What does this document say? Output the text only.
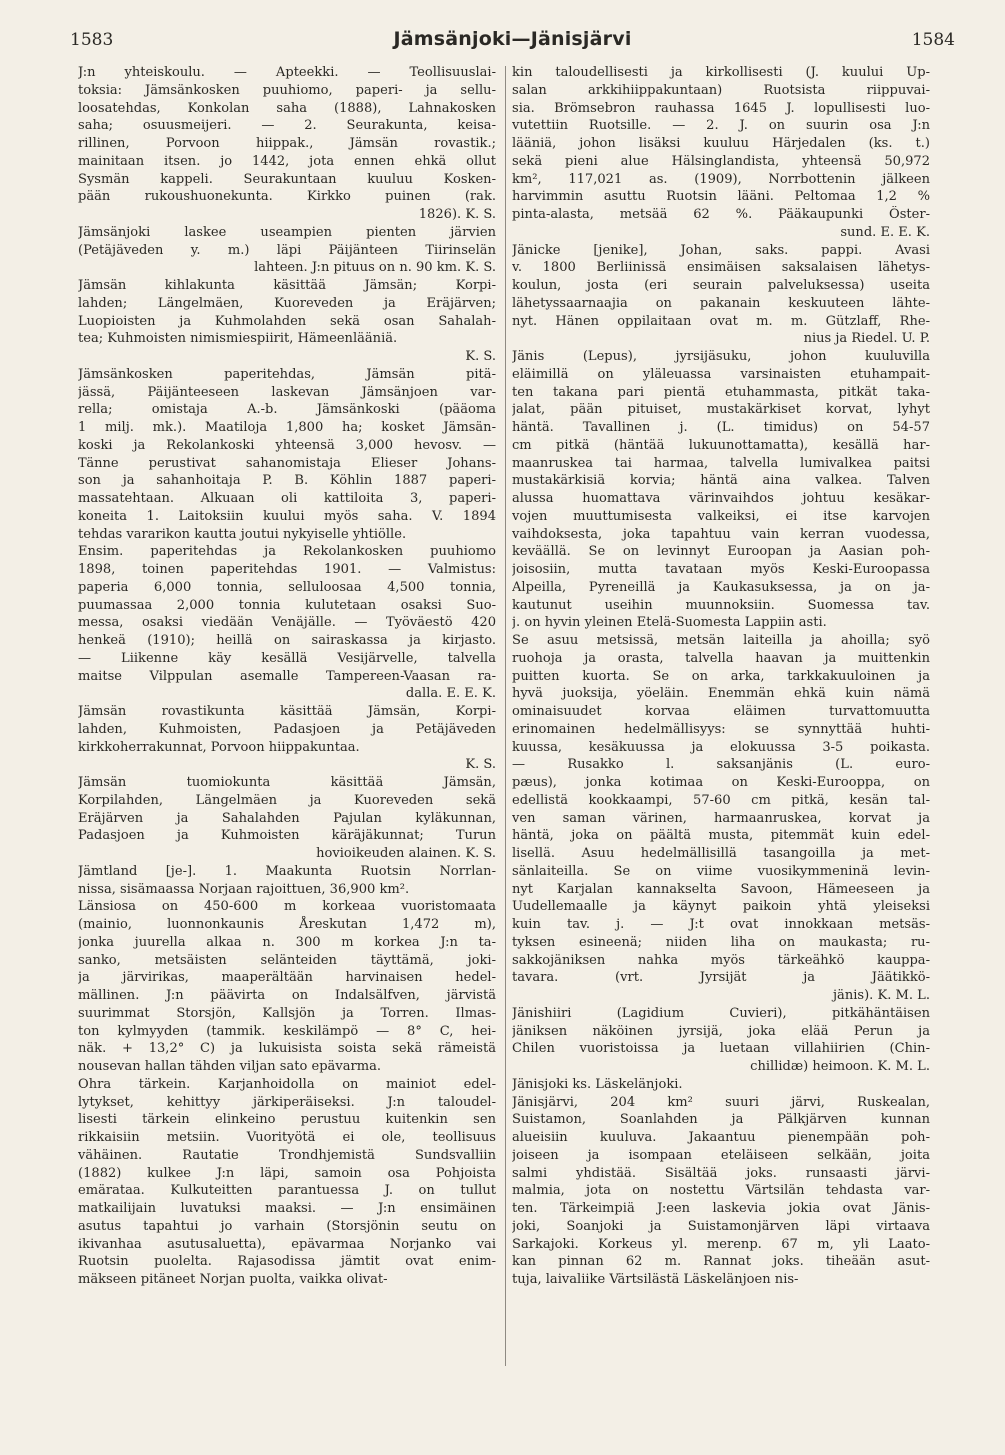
1583	Jämsänjoki—Jänisjärvi	1584
J:n yhteiskoulu. — Apteekki. — Teollisuuslai-
toksia: Jämsänkosken puuhiomo, paperi- ja sellu-
loosatehdas, Konkolan saha (1888), Lahnakosken
saha; osuusmeijeri. — 2. Seurakunta, keisa-
rillinen, Porvoon hiippak., Jämsän rovastik.;
mainitaan itsen. jo 1442, jota ennen ehkä ollut
Sysmän kappeli. Seurakuntaan kuuluu Kosken-
pään rukoushuonekunta. Kirkko puinen (rak.
1826). K. S.
Jämsänjoki laskee useampien pienten järvien
(Petäjäveden y. m.) läpi Päijänteen Tiirinselän
lahteen. J:n pituus on n. 90 km. K. S.
Jämsän kihlakunta käsittää Jämsän; Korpi-
lahden; Längelmäen, Kuoreveden ja Eräjärven;
Luopioisten ja Kuhmolahden sekä osan Sahalah-
tea; Kuhmoisten nimismiespiirit, Hämeenlääniä.
K. S.
Jämsänkosken paperitehdas, Jämsän pitä-
jässä, Päijänteeseen laskevan Jämsänjoen var-
rella; omistaja A.-b. Jämsänkoski (pääoma
1 milj. mk.). Maatiloja 1,800 ha; kosket Jämsän-
koski ja Rekolankoski yhteensä 3,000 hevosv. —
Tänne perustivat sahanomistaja Elieser Johans-
son ja sahanhoitaja P. B. Köhlin 1887 paperi-
massatehtaan. Alkuaan oli kattiloita 3, paperi-
koneita 1. Laitoksiin kuului myös saha. V. 1894
tehdas vararikon kautta joutui nykyiselle yhtiölle.
Ensim. paperitehdas ja Rekolankosken puuhiomo
1898, toinen paperitehdas 1901. — Valmistus:
paperia 6,000 tonnia, selluloosaa 4,500 tonnia,
puumassaa 2,000 tonnia kulutetaan osaksi Suo-
messa, osaksi viedään Venäjälle. — Työväestö 420
henkeä (1910); heillä on sairaskassa ja kirjasto.
— Liikenne käy kesällä Vesijärvelle, talvella
maitse Vilppulan asemalle Tampereen-Vaasan ra-
dalla. E. E. K.
Jämsän rovastikunta käsittää Jämsän, Korpi-
lahden, Kuhmoisten, Padasjoen ja Petäjäveden
kirkkoherrakunnat, Porvoon hiippakuntaa.
K. S.
Jämsän tuomiokunta käsittää Jämsän,
Korpilahden, Längelmäen ja Kuoreveden sekä
Eräjärven ja Sahalahden Pajulan kyläkunnan,
Padasjoen ja Kuhmoisten käräjäkunnat; Turun
hovioikeuden alainen. K. S.
Jämtland [je-]. 1. Maakunta Ruotsin Norrlan-
nissa, sisämaassa Norjaan rajoittuen, 36,900 km².
Länsiosa on 450-600 m korkeaa vuoristomaata
(mainio, luonnonkaunis Åreskutan 1,472 m),
jonka juurella alkaa n. 300 m korkea J:n ta-
sanko, metsäisten selänteiden täyttämä, joki-
ja järvirikas, maaperältään harvinaisen hedel-
mällinen. J:n päävirta on Indalsälfven, järvistä
suurimmat Storsjön, Kallsjön ja Torren. Ilmas-
ton kylmyyden (tammik. keskilämpö — 8° C, hei-
näk. + 13,2° C) ja lukuisista soista sekä rämeistä
nousevan hallan tähden viljan sato epävarma.
Ohra tärkein. Karjanhoidolla on mainiot edel-
lytykset, kehittyy järkiperäiseksi. J:n taloudel-
lisesti tärkein elinkeino perustuu kuitenkin sen
rikkaisiin metsiin. Vuorityötä ei ole, teollisuus
vähäinen. Rautatie Trondhjemistä Sundsvalliin
(1882) kulkee J:n läpi, samoin osa Pohjoista
emärataa. Kulkuteitten parantuessa J. on tullut
matkailijain luvatuksi maaksi. — J:n ensimäinen
asutus tapahtui jo varhain (Storsjönin seutu on
ikivanhaa asutusaluetta), epävarmaa Norjanko vai
Ruotsin puolelta. Rajasodissa jämtit ovat enim-
mäkseen pitäneet Norjan puolta, vaikka olivat-
kin taloudellisesti ja kirkollisesti (J. kuului Up-
salan arkkihiippakuntaan) Ruotsista riippuvai-
sia. Brömsebron rauhassa 1645 J. lopullisesti luo-
vutettiin Ruotsille. — 2. J. on suurin osa J:n
lääniä, johon lisäksi kuuluu Härjedalen (ks. t.)
sekä pieni alue Hälsinglandista, yhteensä 50,972
km², 117,021 as. (1909), Norrbottenin jälkeen
harvimmin asuttu Ruotsin lääni. Peltomaa 1,2 %
pinta-alasta, metsää 62 %. Pääkaupunki Öster-
sund. E. E. K.
Jänicke [jenike], Johan, saks. pappi. Avasi
v. 1800 Berliinissä ensimäisen saksalaisen lähetys-
koulun, josta (eri seurain palveluksessa) useita
lähetyssaarnaajia on pakanain keskuuteen lähte-
nyt. Hänen oppilaitaan ovat m. m. Gützlaff, Rhe-
nius ja Riedel. U. P.
Jänis (Lepus), jyrsijäsuku, johon kuuluvilla
eläimillä on yläleuassa varsinaisten etuhampait-
ten takana pari pientä etuhammasta, pitkät taka-
jalat, pään pituiset, mustakärkiset korvat, lyhyt
häntä. Tavallinen j. (L. timidus) on 54-57
cm pitkä (häntää lukuunottamatta), kesällä har-
maanruskea tai harmaa, talvella lumivalkea paitsi
mustakärkisiä korvia; häntä aina valkea. Talven
alussa huomattava värinvaihdos johtuu kesäkar-
vojen muuttumisesta valkeiksi, ei itse karvojen
vaihdoksesta, joka tapahtuu vain kerran vuodessa,
keväällä. Se on levinnyt Euroopan ja Aasian poh-
joisosiin, mutta tavataan myös Keski-Euroopassa
Alpeilla, Pyreneillä ja Kaukasuksessa, ja on ja-
kautunut useihin muunnoksiin. Suomessa tav.
j. on hyvin yleinen Etelä-Suomesta Lappiin asti.
Se asuu metsissä, metsän laiteilla ja ahoilla; syö
ruohoja ja orasta, talvella haavan ja muittenkin
puitten kuorta. Se on arka, tarkkakuuloinen ja
hyvä juoksija, yöeläin. Enemmän ehkä kuin nämä
ominaisuudet korvaa eläimen turvattomuutta
erinomainen hedelmällisyys: se synnyttää huhti-
kuussa, kesäkuussa ja elokuussa 3-5 poikasta.
— Rusakko l. saksanjänis (L. euro-
pæus), jonka kotimaa on Keski-Eurooppa, on
edellistä kookkaampi, 57-60 cm pitkä, kesän tal-
ven saman värinen, harmaanruskea, korvat ja
häntä, joka on päältä musta, pitemmät kuin edel-
lisellä. Asuu hedelmällisillä tasangoilla ja met-
sänlaiteilla. Se on viime vuosikymmeninä levin-
nyt Karjalan kannakselta Savoon, Hämeeseen ja
Uudellemaalle ja käynyt paikoin yhtä yleiseksi
kuin tav. j. — J:t ovat innokkaan metsäs-
tyksen esineenä; niiden liha on maukasta; ru-
sakkojäniksen nahka myös tärkeähkö kauppa-
tavara. (vrt. Jyrsijät ja Jäätikkö-
jänis). K. M. L.
Jänishiiri (Lagidium Cuvieri), pitkähäntäisen
jäniksen näköinen jyrsijä, joka elää Perun ja
Chilen vuoristoissa ja luetaan villahiirien (Chin-
chillidæ) heimoon. K. M. L.
Jänisjoki ks. Läskelänjoki.
Jänisjärvi, 204 km² suuri järvi, Ruskealan,
Suistamon, Soanlahden ja Pälkjärven kunnan
alueisiin kuuluva. Jakaantuu pienempään poh-
joiseen ja isompaan eteläiseen selkään, joita
salmi yhdistää. Sisältää joks. runsaasti järvi-
malmia, jota on nostettu Värtsilän tehdasta var-
ten. Tärkeimpiä J:een laskevia jokia ovat Jänis-
joki, Soanjoki ja Suistamonjärven läpi virtaava
Sarkajoki. Korkeus yl. merenp. 67 m, yli Laato-
kan pinnan 62 m. Rannat joks. tiheään asut-
tuja, laivaliike Värtsilästä Läskelänjoen nis-
